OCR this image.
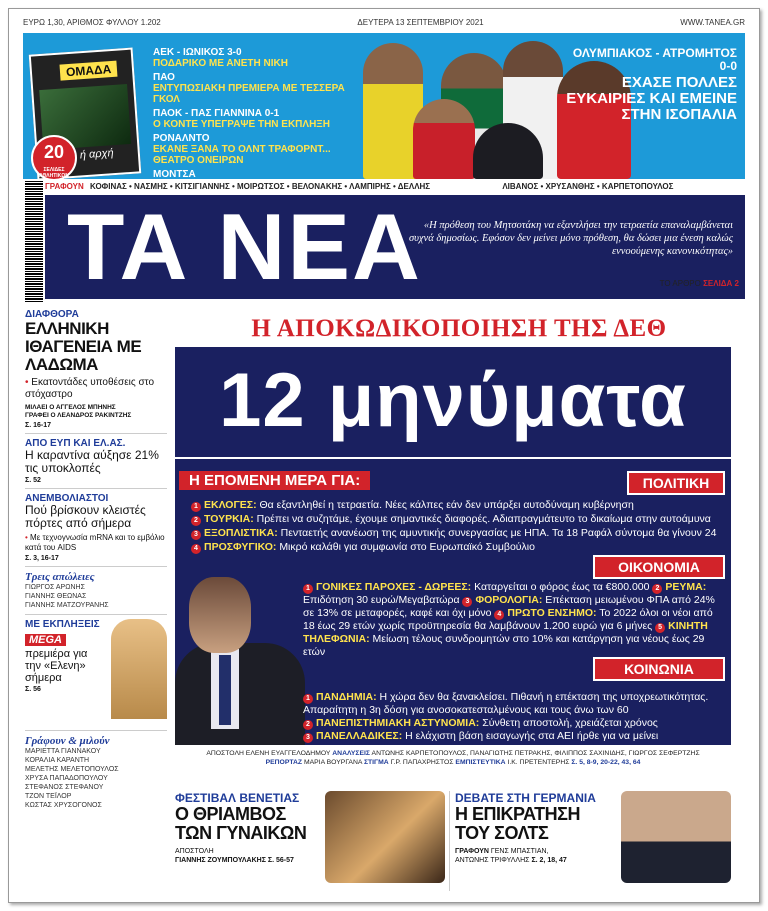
ΕΥΡΩ 1,30, ΑΡΙΘΜΟΣ ΦΥΛΛΟΥ 1.202	ΔΕΥΤΕΡΑ 13 ΣΕΠΤΕΜΒΡΙΟΥ 2021	WWW.TANEA.GR
ΟΜΑΔΑ
ή αρχή
20
ΣΕΛΙΔΕΣ ΑΘΛΗΤΙΚΩΝ
ΑΕΚ - ΙΩΝΙΚΟΣ 3-0
ΠΟΔΑΡΙΚΟ ΜΕ ΑΝΕΤΗ ΝΙΚΗ
ΠΑΟ
ΕΝΤΥΠΩΣΙΑΚΗ ΠΡΕΜΙΕΡΑ ΜΕ ΤΕΣΣΕΡΑ ΓΚΟΛ
ΠΑΟΚ - ΠΑΣ ΓΙΑΝΝΙΝΑ 0-1
Ο ΚΟΝΤΕ ΥΠΕΓΡΑΨΕ ΤΗΝ ΕΚΠΛΗΞΗ
ΡΟΝΑΛΝΤΟ
ΕΚΑΝΕ ΞΑΝΑ ΤΟ ΟΛΝΤ ΤΡΑΦΟΡΝΤ... ΘΕΑΤΡΟ ΟΝΕΙΡΩΝ
ΜΟΝΤΣΑ
ΟΛΥΜΠΙΑΚΟΣ - ΑΤΡΟΜΗΤΟΣ 0-0
ΕΧΑΣΕ ΠΟΛΛΕΣ ΕΥΚΑΙΡΙΕΣ ΚΑΙ ΕΜΕΙΝΕ ΣΤΗΝ ΙΣΟΠΑΛΙΑ
ΓΡΑΦΟΥΝ ΚΟΦΙΝΑΣ • ΝΑΣΜΗΣ • ΚΙΤΣΙΓΙΑΝΝΗΣ • ΜΟΙΡΩΤΣΟΣ • ΒΕΛΟΝΑΚΗΣ • ΛΑΜΠΙΡΗΣ • ΔΕΛΛΗΣ	ΛΙΒΑΝΟΣ • ΧΡΥΣΑΝΘΗΣ • ΚΑΡΠΕΤΟΠΟΥΛΟΣ
ΤΑ ΝΕΑ «Η πρόθεση του Μητσοτάκη να εξαντλήσει την τετραετία επαναλαμβάνεται συχνά δημοσίως. Εφόσον δεν μείνει μόνο πρόθεση, θα δώσει μια ένεση καλώς εννοούμενης κανονικότητας»
ΤΟ ΑΡΘΡΟ ΣΕΛΙΔΑ 2
ΔΙΑΦΘΟΡΑ
ΕΛΛΗΝΙΚΗ ΙΘΑΓΕΝΕΙΑ ΜΕ ΛΑΔΩΜΑ
• Εκατοντάδες υποθέσεις στο στόχαστρο
ΜΙΛΑΕΙ Ο ΑΓΓΕΛΟΣ ΜΠΗΝΗΣ
ΓΡΑΦΕΙ Ο ΛΕΑΝΔΡΟΣ ΡΑΚΙΝΤΖΗΣ
Σ. 16-17
ΑΠΟ ΕΥΠ ΚΑΙ ΕΛ.ΑΣ.
Η καραντίνα αύξησε 21% τις υποκλοπές
Σ. 52
ΑΝΕΜΒΟΛΙΑΣΤΟΙ
Πού βρίσκουν κλειστές πόρτες από σήμερα
• Με τεχνογνωσία mRNA και το εμβόλιο κατά του AIDS
Σ. 3, 16-17
Τρεις απώλειες
ΓΙΩΡΓΟΣ ΑΡΩΝΗΣ
ΓΙΑΝΝΗΣ ΘΕΩΝΑΣ
ΓΙΑΝΝΗΣ ΜΑΤΖΟΥΡΑΝΗΣ
ΜΕ ΕΚΠΛΗΞΕΙΣ
MEGA
πρεμιέρα για την «Ελενη» σήμερα
Σ. 56
Γράφουν & μιλούν
ΜΑΡΙΕΤΤΑ ΓΙΑΝΝΑΚΟΥ
ΚΟΡΑΛΙΑ ΚΑΡΑΝΤΗ
ΜΕΛΕΤΗΣ ΜΕΛΕΤΟΠΟΥΛΟΣ
ΧΡΥΣΑ ΠΑΠΑΔΟΠΟΥΛΟΥ
ΣΤΕΦΑΝΟΣ ΣΤΕΦΑΝΟΥ
ΤΖΟΝ ΤΕΪΛΟΡ
ΚΩΣΤΑΣ ΧΡΥΣΟΓΟΝΟΣ
Η ΑΠΟΚΩΔΙΚΟΠΟΙΗΣΗ ΤΗΣ ΔΕΘ
12 μηνύματα
Η ΕΠΟΜΕΝΗ ΜΕΡΑ ΓΙΑ:	ΠΟΛΙΤΙΚΗ
1 ΕΚΛΟΓΕΣ: Θα εξαντληθεί η τετραετία. Νέες κάλπες εάν δεν υπάρξει αυτοδύναμη κυβέρνηση
2 ΤΟΥΡΚΙΑ: Πρέπει να συζητάμε, έχουμε σημαντικές διαφορές. Αδιαπραγμάτευτο το δικαίωμα στην αυτοάμυνα
3 ΕΞΟΠΛΙΣΤΙΚΑ: Πενταετής ανανέωση της αμυντικής συνεργασίας με ΗΠΑ. Τα 18 Ραφάλ σύντομα θα γίνουν 24
4 ΠΡΟΣΦΥΓΙΚΟ: Μικρό καλάθι για συμφωνία στο Ευρωπαϊκό Συμβούλιο
ΟΙΚΟΝΟΜΙΑ
1 ΓΟΝΙΚΕΣ ΠΑΡΟΧΕΣ - ΔΩΡΕΕΣ: Καταργείται ο φόρος έως τα €800.000 2 ΡΕΥΜΑ: Επιδότηση 30 ευρώ/Μεγαβατώρα 3 ΦΟΡΟΛΟΓΙΑ: Επέκταση μειωμένου ΦΠΑ από 24% σε 13% σε μεταφορές, καφέ και όχι μόνο 4 ΠΡΩΤΟ ΕΝΣΗΜΟ: Το 2022 όλοι οι νέοι από 18 έως 29 ετών χωρίς προϋπηρεσία θα λαμβάνουν 1.200 ευρώ για 6 μήνες 5 ΚΙΝΗΤΗ ΤΗΛΕΦΩΝΙΑ: Μείωση τέλους συνδρομητών στο 10% και κατάργηση για νέους έως 29 ετών
ΚΟΙΝΩΝΙΑ
1 ΠΑΝΔΗΜΙΑ: Η χώρα δεν θα ξανακλείσει. Πιθανή η επέκταση της υποχρεωτικότητας. Απαραίτητη η 3η δόση για ανοσοκατεσταλμένους και τους άνω των 60
2 ΠΑΝΕΠΙΣΤΗΜΙΑΚΗ ΑΣΤΥΝΟΜΙΑ: Σύνθετη αποστολή, χρειάζεται χρόνος
3 ΠΑΝΕΛΛΑΔΙΚΕΣ: Η ελάχιστη βάση εισαγωγής στα ΑΕΙ ήρθε για να μείνει
ΑΠΟΣΤΟΛΗ ΕΛΕΝΗ ΕΥΑΓΓΕΛΟΔΗΜΟΥ ΑΝΑΛΥΣΕΙΣ ΑΝΤΩΝΗΣ ΚΑΡΠΕΤΟΠΟΥΛΟΣ, ΠΑΝΑΓΙΩΤΗΣ ΠΕΤΡΑΚΗΣ, ΦΙΛΙΠΠΟΣ ΣΑΧΙΝΙΔΗΣ, ΓΙΩΡΓΟΣ ΣΕΦΕΡΤΖΗΣ
ΡΕΠΟΡΤΑΖ ΜΑΡΙΑ ΒΟΥΡΓΑΝΑ ΣΤΙΓΜΑ Γ.Ρ. ΠΑΠΑΧΡΗΣΤΟΣ ΕΜΠΙΣΤΕΥΤΙΚΑ Ι.Κ. ΠΡΕΤΕΝΤΕΡΗΣ Σ. 5, 8-9, 20-22, 43, 64
ΦΕΣΤΙΒΑΛ ΒΕΝΕΤΙΑΣ
Ο ΘΡΙΑΜΒΟΣ ΤΩΝ ΓΥΝΑΙΚΩΝ
ΑΠΟΣΤΟΛΗ
ΓΙΑΝΝΗΣ ΖΟΥΜΠΟΥΛΑΚΗΣ Σ. 56-57
DEBATE ΣΤΗ ΓΕΡΜΑΝΙΑ
Η ΕΠΙΚΡΑΤΗΣΗ ΤΟΥ ΣΟΛΤΣ
ΓΡΑΦΟΥΝ ΓΕΝΣ ΜΠΑΣΤΙΑΝ,
ΑΝΤΩΝΗΣ ΤΡΙΦΥΛΛΗΣ Σ. 2, 18, 47
